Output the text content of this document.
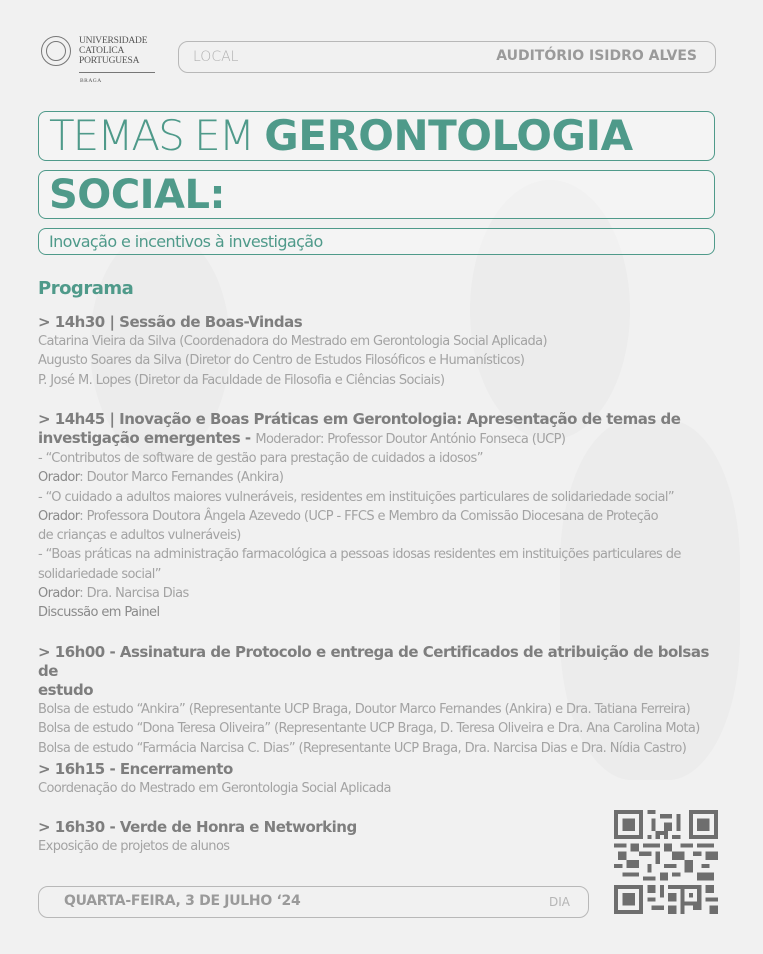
UNIVERSIDADE
CATOLICA
PORTUGUESA
BRAGA
LOCAL	AUDITÓRIO ISIDRO ALVES
TEMAS EM GERONTOLOGIA
SOCIAL:
Inovação e incentivos à investigação
Programa
> 14h30 | Sessão de Boas-Vindas
Catarina Vieira da Silva (Coordenadora do Mestrado em Gerontologia Social Aplicada)
Augusto Soares da Silva (Diretor do Centro de Estudos Filosóficos e Humanísticos)
P. José M. Lopes (Diretor da Faculdade de Filosofia e Ciências Sociais)
> 14h45 | Inovação e Boas Práticas em Gerontologia: Apresentação de temas de
investigação emergentes - Moderador: Professor Doutor António Fonseca (UCP)
- “Contributos de software de gestão para prestação de cuidados a idosos”
Orador: Doutor Marco Fernandes (Ankira)
- “O cuidado a adultos maiores vulneráveis, residentes em instituições particulares de solidariedade social”
Orador: Professora Doutora Ângela Azevedo (UCP - FFCS e Membro da Comissão Diocesana de Proteção
de crianças e adultos vulneráveis)
- “Boas práticas na administração farmacológica a pessoas idosas residentes em instituições particulares de
solidariedade social”
Orador: Dra. Narcisa Dias
Discussão em Painel
> 16h00 - Assinatura de Protocolo e entrega de Certificados de atribuição de bolsas de
estudo
Bolsa de estudo “Ankira” (Representante UCP Braga, Doutor Marco Fernandes (Ankira) e Dra. Tatiana Ferreira)
Bolsa de estudo “Dona Teresa Oliveira” (Representante UCP Braga, D. Teresa Oliveira e Dra. Ana Carolina Mota)
Bolsa de estudo “Farmácia Narcisa C. Dias” (Representante UCP Braga, Dra. Narcisa Dias e Dra. Nídia Castro)
> 16h15 - Encerramento
Coordenação do Mestrado em Gerontologia Social Aplicada
> 16h30 - Verde de Honra e Networking
Exposição de projetos de alunos
QUARTA-FEIRA, 3 DE JULHO ‘24	DIA
